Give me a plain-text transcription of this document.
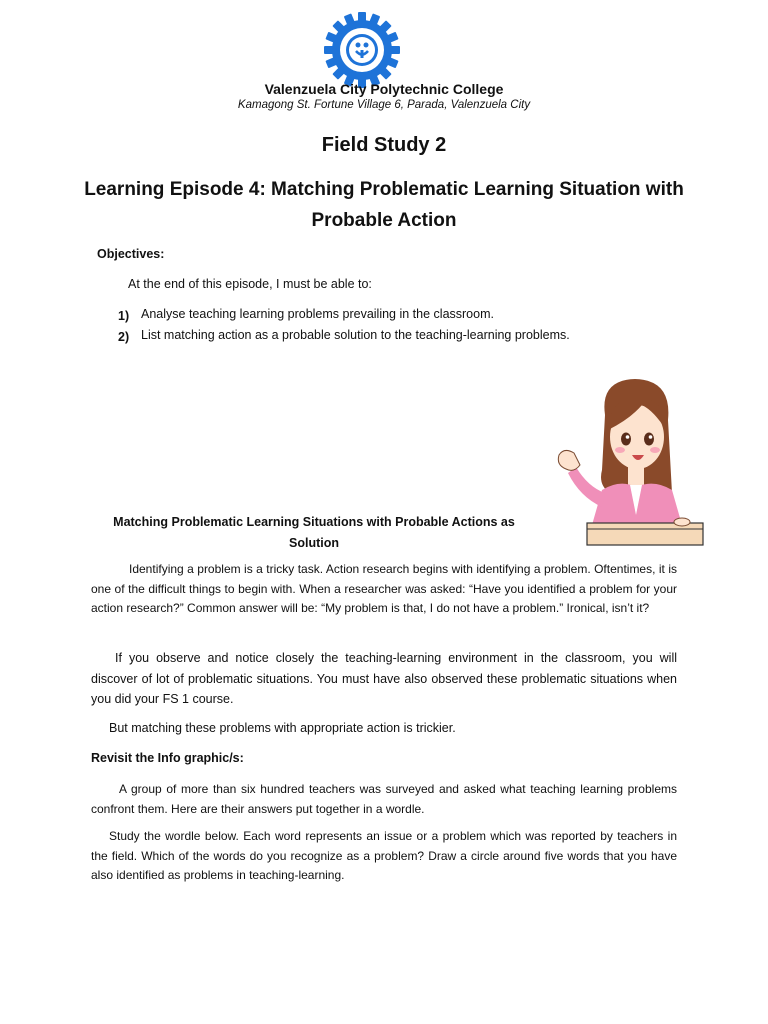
Valenzuela City Polytechnic College
Kamagong St. Fortune Village 6, Parada, Valenzuela City
Field Study 2
Learning Episode 4: Matching Problematic Learning Situation with Probable Action
Objectives:
At the end of this episode, I must be able to:
1) Analyse teaching learning problems prevailing in the classroom.
2) List matching action as a probable solution to the teaching-learning problems.
Matching Problematic Learning Situations with Probable Actions as Solution
Identifying a problem is a tricky task. Action research begins with identifying a problem. Oftentimes, it is one of the difficult things to begin with. When a researcher was asked: “Have you identified a problem for your action research?” Common answer will be: “My problem is that, I do not have a problem.” Ironical, isn’t it?
If you observe and notice closely the teaching-learning environment in the classroom, you will discover of lot of problematic situations. You must have also observed these problematic situations when you did your FS 1 course.
But matching these problems with appropriate action is trickier.
Revisit the Info graphic/s:
A group of more than six hundred teachers was surveyed and asked what teaching learning problems confront them. Here are their answers put together in a wordle.
Study the wordle below. Each word represents an issue or a problem which was reported by teachers in the field. Which of the words do you recognize as a problem? Draw a circle around five words that you have also identified as problems in teaching-learning.
